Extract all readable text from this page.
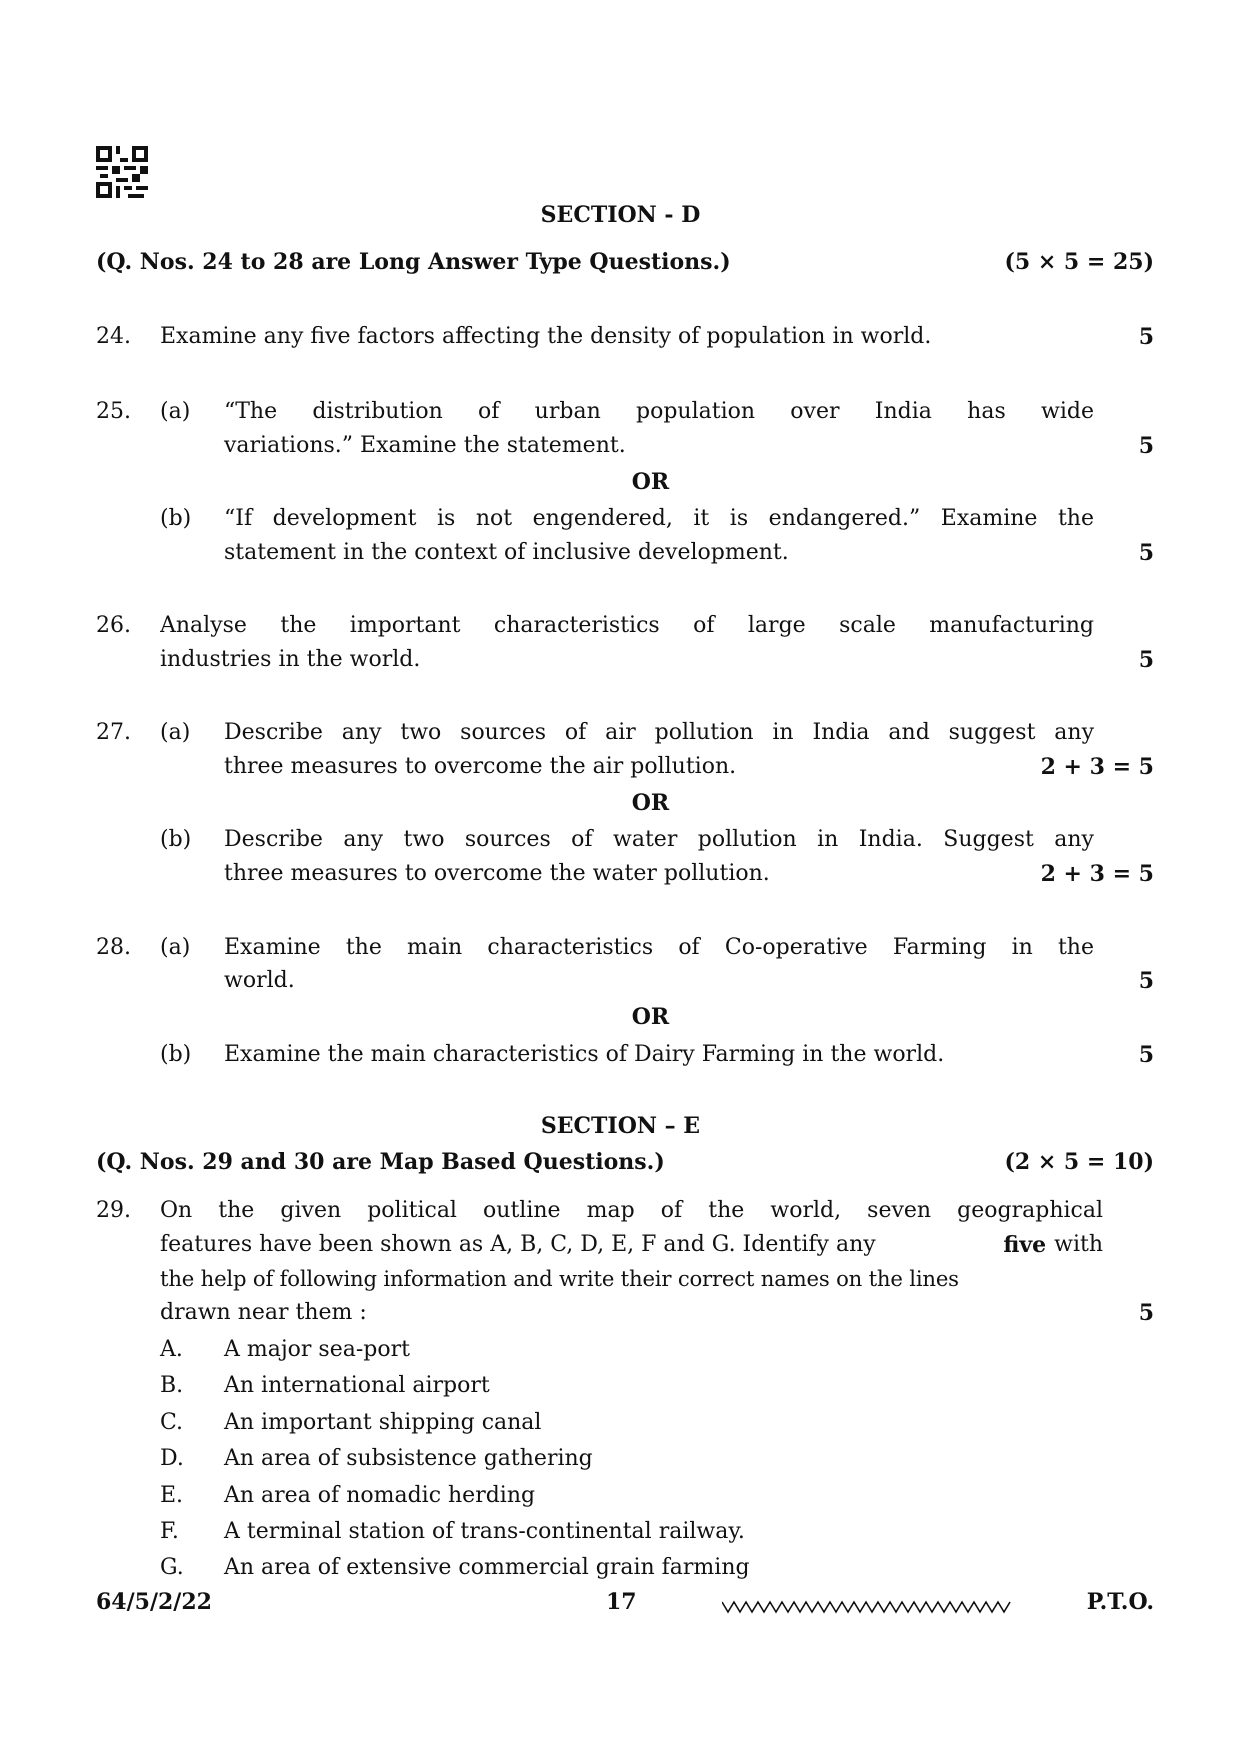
SECTION - D
(Q. Nos. 24 to 28 are Long Answer Type Questions.)	(5 × 5 = 25)
24. Examine any five factors affecting the density of population in world.	5
25. (a) “The distribution of urban population over India has wide
variations.” Examine the statement.	5
OR
(b) “If development is not engendered, it is endangered.” Examine the
statement in the context of inclusive development.	5
26. Analyse the important characteristics of large scale manufacturing
industries in the world.	5
27. (a) Describe any two sources of air pollution in India and suggest any
three measures to overcome the air pollution.	2 + 3 = 5
OR
(b) Describe any two sources of water pollution in India. Suggest any
three measures to overcome the water pollution.	2 + 3 = 5
28. (a) Examine the main characteristics of Co-operative Farming in the
world.	5
OR
(b) Examine the main characteristics of Dairy Farming in the world.	5
SECTION – E
(Q. Nos. 29 and 30 are Map Based Questions.)	(2 × 5 = 10)
29. On the given political outline map of the world, seven geographical
features have been shown as A, B, C, D, E, F and G. Identify any	five with
the help of following information and write their correct names on the lines
drawn near them :	5
A. A major sea-port
B. An international airport
C. An important shipping canal
D. An area of subsistence gathering
E. An area of nomadic herding
F. A terminal station of trans-continental railway.
G. An area of extensive commercial grain farming
64/5/2/22	17	P.T.O.
